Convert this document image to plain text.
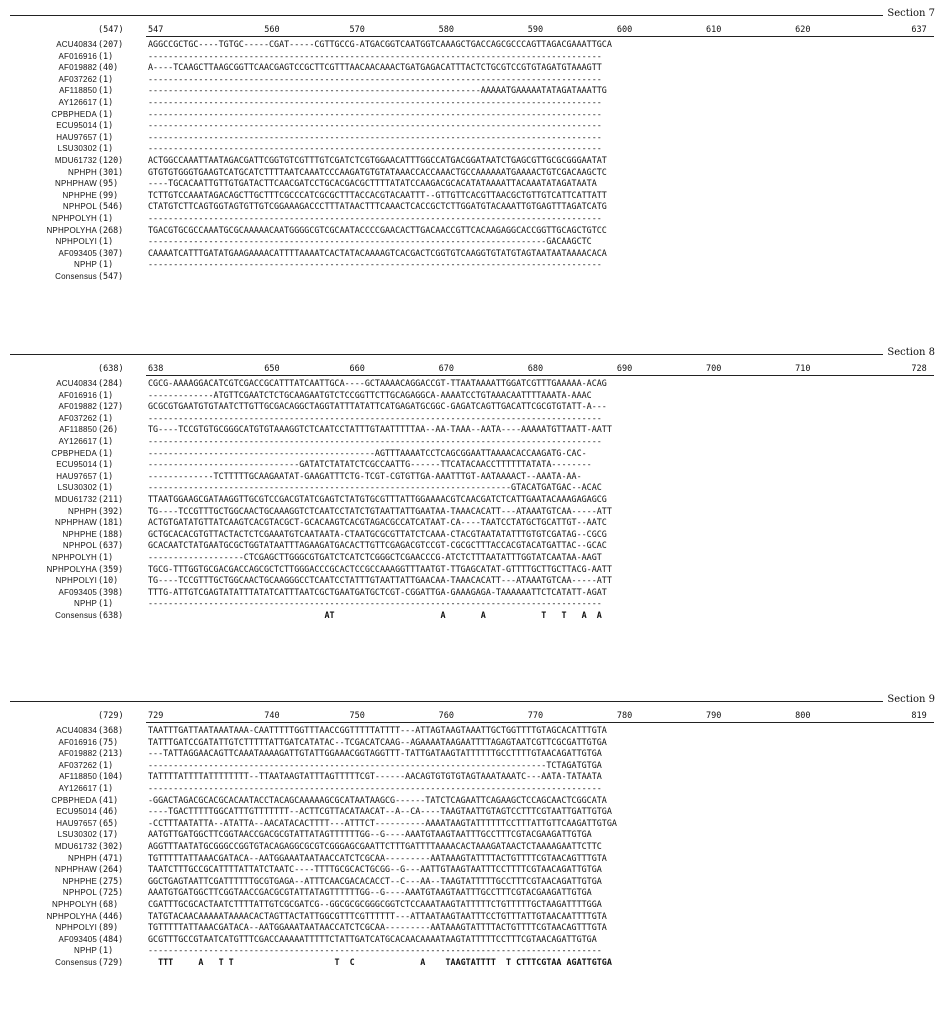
Section 7
(547)	547	560	570	580	590	600	610	620	637
ACU40834 (207)	AGGCCGCTGC----TGTGC-----CGAT-----CGTTGCCG-ATGACGGTCAATGGTCAAAGCTGACCAGCGCCCAGTTAGACGAAATTGCA
AF016916 (1)	------------------------------------------------------------------------------------------
AF019882 (40)	A----TCAAGCTTAAGCGGTTCAACGAGTCCGCTTCGTTTAACAACAAACTGATGAGACATTTACTCTGCGTCCGTGTAGATGTAAAGTT
AF037262 (1)	------------------------------------------------------------------------------------------
AF118850 (1)	------------------------------------------------------------------AAAAATGAAAAATATAGATAAATTG
AY126617 (1)	------------------------------------------------------------------------------------------
CPBPHEDA (1)	------------------------------------------------------------------------------------------
ECU95014 (1)	------------------------------------------------------------------------------------------
HAU97657 (1)	------------------------------------------------------------------------------------------
LSU30302 (1)	------------------------------------------------------------------------------------------
MDU61732 (120)	ACTGGCCAAATTAATAGACGATTCGGTGTCGTTTGTCGATCTCGTGGAACATTTGGCCATGACGGATAATCTGAGCGTTGCGCGGGAATAT
NPHPH (301)	GTGTGTGGGTGAAGTCATGCATCTTTTAATCAAATCCCAAGATGTGTATAAACCACCAAACTGCCAAAAAATGAAAACTGTCGACAAGCTC
NPHPHAW (95)	----TGCACAATTGTTGTGATACTTCAACGATCCTGCACGACGCTTTTATATCCAAGACGCACATATAAAATTACAAATATAGATAATA
NPHPHE (99)	TCTTGTCCAAATAGACAGCTTGCTTTCGCCCATCGCGCTTTACCACGTACAATTT--GTTGTTCACGTTAACGCTGTTGTCATTCATTATT
NPHPOL (546)	CTATGTCTTCAGTGGTAGTGTTGTCGGAAAGACCCTTTATAACTTTCAAACTCACCGCTCTTGGATGTACAAATTGTGAGTTTAGATCATG
NPHPOLYH (1)	------------------------------------------------------------------------------------------
NPHPOLYHA (268)	TGACGTGCGCCAAATGCGCAAAAACAATGGGGCGTCGCAATACCCCGAACACTTGACAACCGTTCACAAGAGGCACCGGTTGCAGCTGTCC
NPHPOLYI (1)	-------------------------------------------------------------------------------GACAAGCTC
AF093405 (307)	CAAAATCATTTGATATGAAGAAAACATTTTAAAATCACTATACAAAAGTCACGACTCGGTGTCAAGGTGTATGTAGTAATAATAAAACACA
NPHP (1)	------------------------------------------------------------------------------------------
Consensus (547)
Section 8
(638)	638	650	660	670	680	690	700	710	728
ACU40834 (284)	CGCG-AAAAGGACATCGTCGACCGCATTTATCAATTGCA----GCTAAAACAGGACCGT-TTAATAAAATTGGATCGTTTGAAAAA-ACAG
AF016916 (1)	-------------ATGTTCGAATCTCTGCAAGAATGTCTCCGGTTCTTGCAGAGGCA-AAAATCCTGTAAACAATTTTAAATA-AAAC
AF019882 (127)	GCGCGTGAATGTGTAATCTTGTTGCGACAGGCTAGGTATTTATATTCATGAGATGCGGC-GAGATCAGTTGACATTCGCGTGTATT-A---
AF037262 (1)	------------------------------------------------------------------------------------------
AF118850 (26)	TG----TCCGTGTGCGGGCATGTGTAAAGGTCTCAATCCTATTTGTAATTTTTAA--AA-TAAA--AATA----AAAAATGTTAATT-AATT
AY126617 (1)	------------------------------------------------------------------------------------------
CPBPHEDA (1)	---------------------------------------------AGTTTAAAATCCTCAGCGGAATTAAAACACCAAGATG-CAC-
ECU95014 (1)	------------------------------GATATCTATATCTCGCCAATTG------TTCATACAACCTTTTTTATATA--------
HAU97657 (1)	-------------TCTTTTTGCAAGAATAT-GAAGATTTCTG-TCGT-CGTGTTGA-AAATTTGT-AATAAAACT--AAATA-AA-
LSU30302 (1)	------------------------------------------------------------------------GTACATGATGAC--ACAC
MDU61732 (211)	TTAATGGAAGCGATAAGGTTGCGTCCGACGTATCGAGTCTATGTGCGTTTATTGGAAAACGTCAACGATCTCATTGAATACAAAGAGAGCG
NPHPH (392)	TG----TCCGTTTGCTGGCAACTGCAAAGGTCTCAATCCTATCTGTAATTATTGAATAA-TAAACACATT---ATAAATGTCAA-----ATT
NPHPHAW (181)	ACTGTGATATGTTATCAAGTCACGTACGCT-GCACAAGTCACGTAGACGCCATCATAAT-CA----TAATCCTATGCTGCATTGT--AATC
NPHPHE (188)	GCTGCACACGTGTTACTACTCTCGAAATGTCAATAATA-CTAATGCGCGTTATCTCAAA-CTACGTAATATATTTGTGTCGATAG--CGCG
NPHPOL (637)	GCACAATCTATGAATGCGCTGGTATAATTTAGAAGATGACACTTGTTCGAGACGTCCGT-CGCGCTTTACCACGTACATGATTAC--GCAC
NPHPOLYH (1)	-------------------CTCGAGCTTGGGCGTGATCTCATCTCGGGCTCGAACCCG-ATCTCTTTAATATTTGGTATCAATAA-AAGT
NPHPOLYHA (359)	TGCG-TTTGGTGCGACGACCAGCGCTCTTGGGACCCGCACTCCGCCAAAGGTTTAATGT-TTGAGCATAT-GTTTTGCTTGCTTACG-AATT
NPHPOLYI (10)	TG----TCCGTTTGCTGGCAACTGCAAGGGCCTCAATCCTATTTGTAATTATTGAACAA-TAAACACATT---ATAAATGTCAA-----ATT
AF093405 (398)	TTTG-ATTGTCGAGTATATTTATATCATTTAATCGCTGAATGATGCTCGT-CGGATTGA-GAAAGAGA-TAAAAAATTCTCATATT-AGAT
NPHP (1)	------------------------------------------------------------------------------------------
Consensus (638)	AT                     A       A           T   T   A  A
Section 9
(729)	729	740	750	760	770	780	790	800	819
ACU40834 (368)	TAATTTGATTAATAAATAAA-CAATTTTTGGTTTAACCGGTTTTTATTTT---ATTAGTAAGTAAATTGCTGGTTTTGTAGCACATTTGTA
AF016916 (75)	TATTTGATCCGATATTGTCTTTTTATTGATCATATAC--TCGACATCAAG--AGAAAATAAGAATTTTAGAGTAATCGTTCGCGATTGTGA
AF019882 (213)	---TATTAGGAACAGTTCAAATAAAAGATTGTATTGGAAACGGTAGGTTT-TATTGATAAGTATTTTTTGCCTTTTGTAACAGATTGTGA
AF037262 (1)	-------------------------------------------------------------------------------TCTAGATGTGA
AF118850 (104)	TATTTTATTTTATTTTTTTT--TTAATAAGTATTTAGTTTTTCGT------AACAGTGTGTGTAGTAAATAAATC---AATA-TATAATA
AY126617 (1)	------------------------------------------------------------------------------------------
CPBPHEDA (41)	-GGACTAGACGCACGCACAATACCTACAGCAAAAAGCGCATAATAAGCG------TATCTCAGAATTCAGAAGCTCCAGCAACTCGGCATA
ECU95014 (46)	----TGACTTTTTGGCATTTGTTTTTTT--ACTTCGTTACATAACAT--A--CA----TAAGTAATTGTAGTCCTTTCGTAATTGATTGTGA
HAU97657 (65)	-CCTTTAATATTA--ATATTA--AACATACACTTTT---ATTTCT----------AAAATAAGTATTTTTTCCTTTATTGTTCAAGATTGTGA
LSU30302 (17)	AATGTTGATGGCTTCGGTAACCGACGCGTATTATAGTTTTTTGG--G----AAATGTAAGTAATTTGCCTTTCGTACGAAGATTGTGA
MDU61732 (302)	AGGTTTAATATGCGGGCCGGTGTACAGAGGCGCGTCGGGAGCGAATTCTTTGATTTTAAAACACTAAAGATAACTCTAAAAGAATTCTTC
NPHPH (471)	TGTTTTTATTAAACGATACA--AATGGAAATAATAACCATCTCGCAA---------AATAAAGTATTTTACTGTTTTCGTAACAGTTTGTA
NPHPHAW (264)	TAATCTTTGCCGCATTTTATTATCTAATC----TTTTGCGCACTGCGG--G---AATTGTAAGTAATTTCCTTTTCGTAACAGATTGTGA
NPHPHE (275)	GGCTGAGTAATTCGATTTTTTGCGTGAGA--ATTTCAACGACACACCT--C---AA--TAAGTATTTTTGCCTTTCGTAACAGATTGTGA
NPHPOL (725)	AAATGTGATGGCTTCGGTAACCGACGCGTATTATAGTTTTTTGG--G----AAATGTAAGTAATTTGCCTTTCGTACGAAGATTGTGA
NPHPOLYH (68)	CGATTTGCGCACTAATCTTTTATTGTCGCGATCG--GGCGCGCGGGCGGTCTCCAAATAAGTATTTTTCTGTTTTTGCTAAGATTTTGGA
NPHPOLYHA (446)	TATGTACAACAAAAATAAAACACTAGTTACTATTGGCGTTTCGTTTTTT---ATTAATAAGTAATTTCCTGTTTATTGTAACAATTTTGTA
NPHPOLYI (89)	TGTTTTTATTAAACGATACA--AATGGAAATAATAACCATCTCGCAA---------AATAAAGTATTTTACTGTTTTCGTAACAGTTTGTA
AF093405 (484)	GCGTTTGCCGTAATCATGTTTCGACCAAAAATTTTTCTATTGATCATGCACAACAAAATAAGTATTTTTCCTTTCGTAACAGATTGTGA
NPHP (1)	------------------------------------------------------------------------------------------
Consensus (729)	TTT     A   T T                    T  C             A    TAAGTATTTT  T CTTTCGTAA AGATTGTGA
